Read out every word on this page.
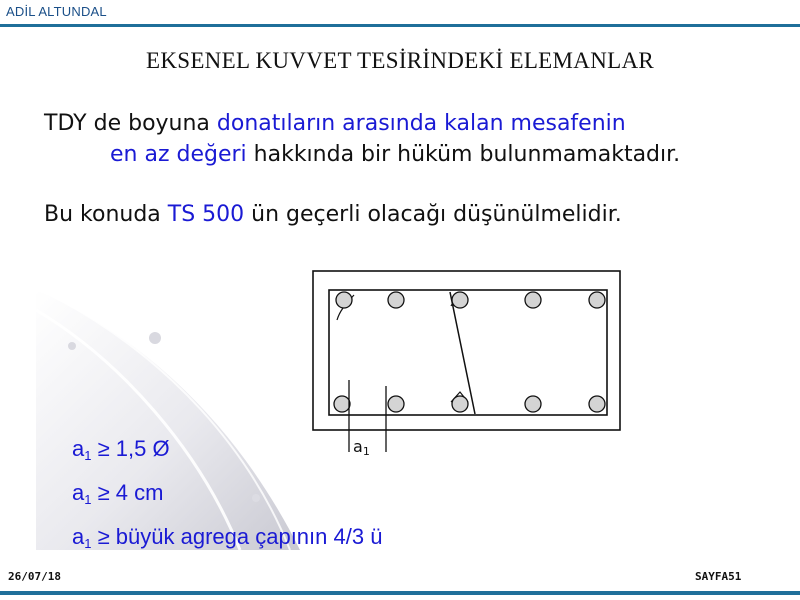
ADİL ALTUNDAL
EKSENEL KUVVET TESİRİNDEKİ ELEMANLAR
TDY de boyuna donatıların arasında kalan mesafenin
en az değeri hakkında bir hüküm bulunmamaktadır.
Bu konuda TS 500 ün geçerli olacağı düşünülmelidir.
a1
$a_1 \ge 1,5$ Ø
$a_1 \ge 4$ cm
$a_1$ ≥ büyük agrega çapının 4/3 ü
26/07/18	SAYFA51
